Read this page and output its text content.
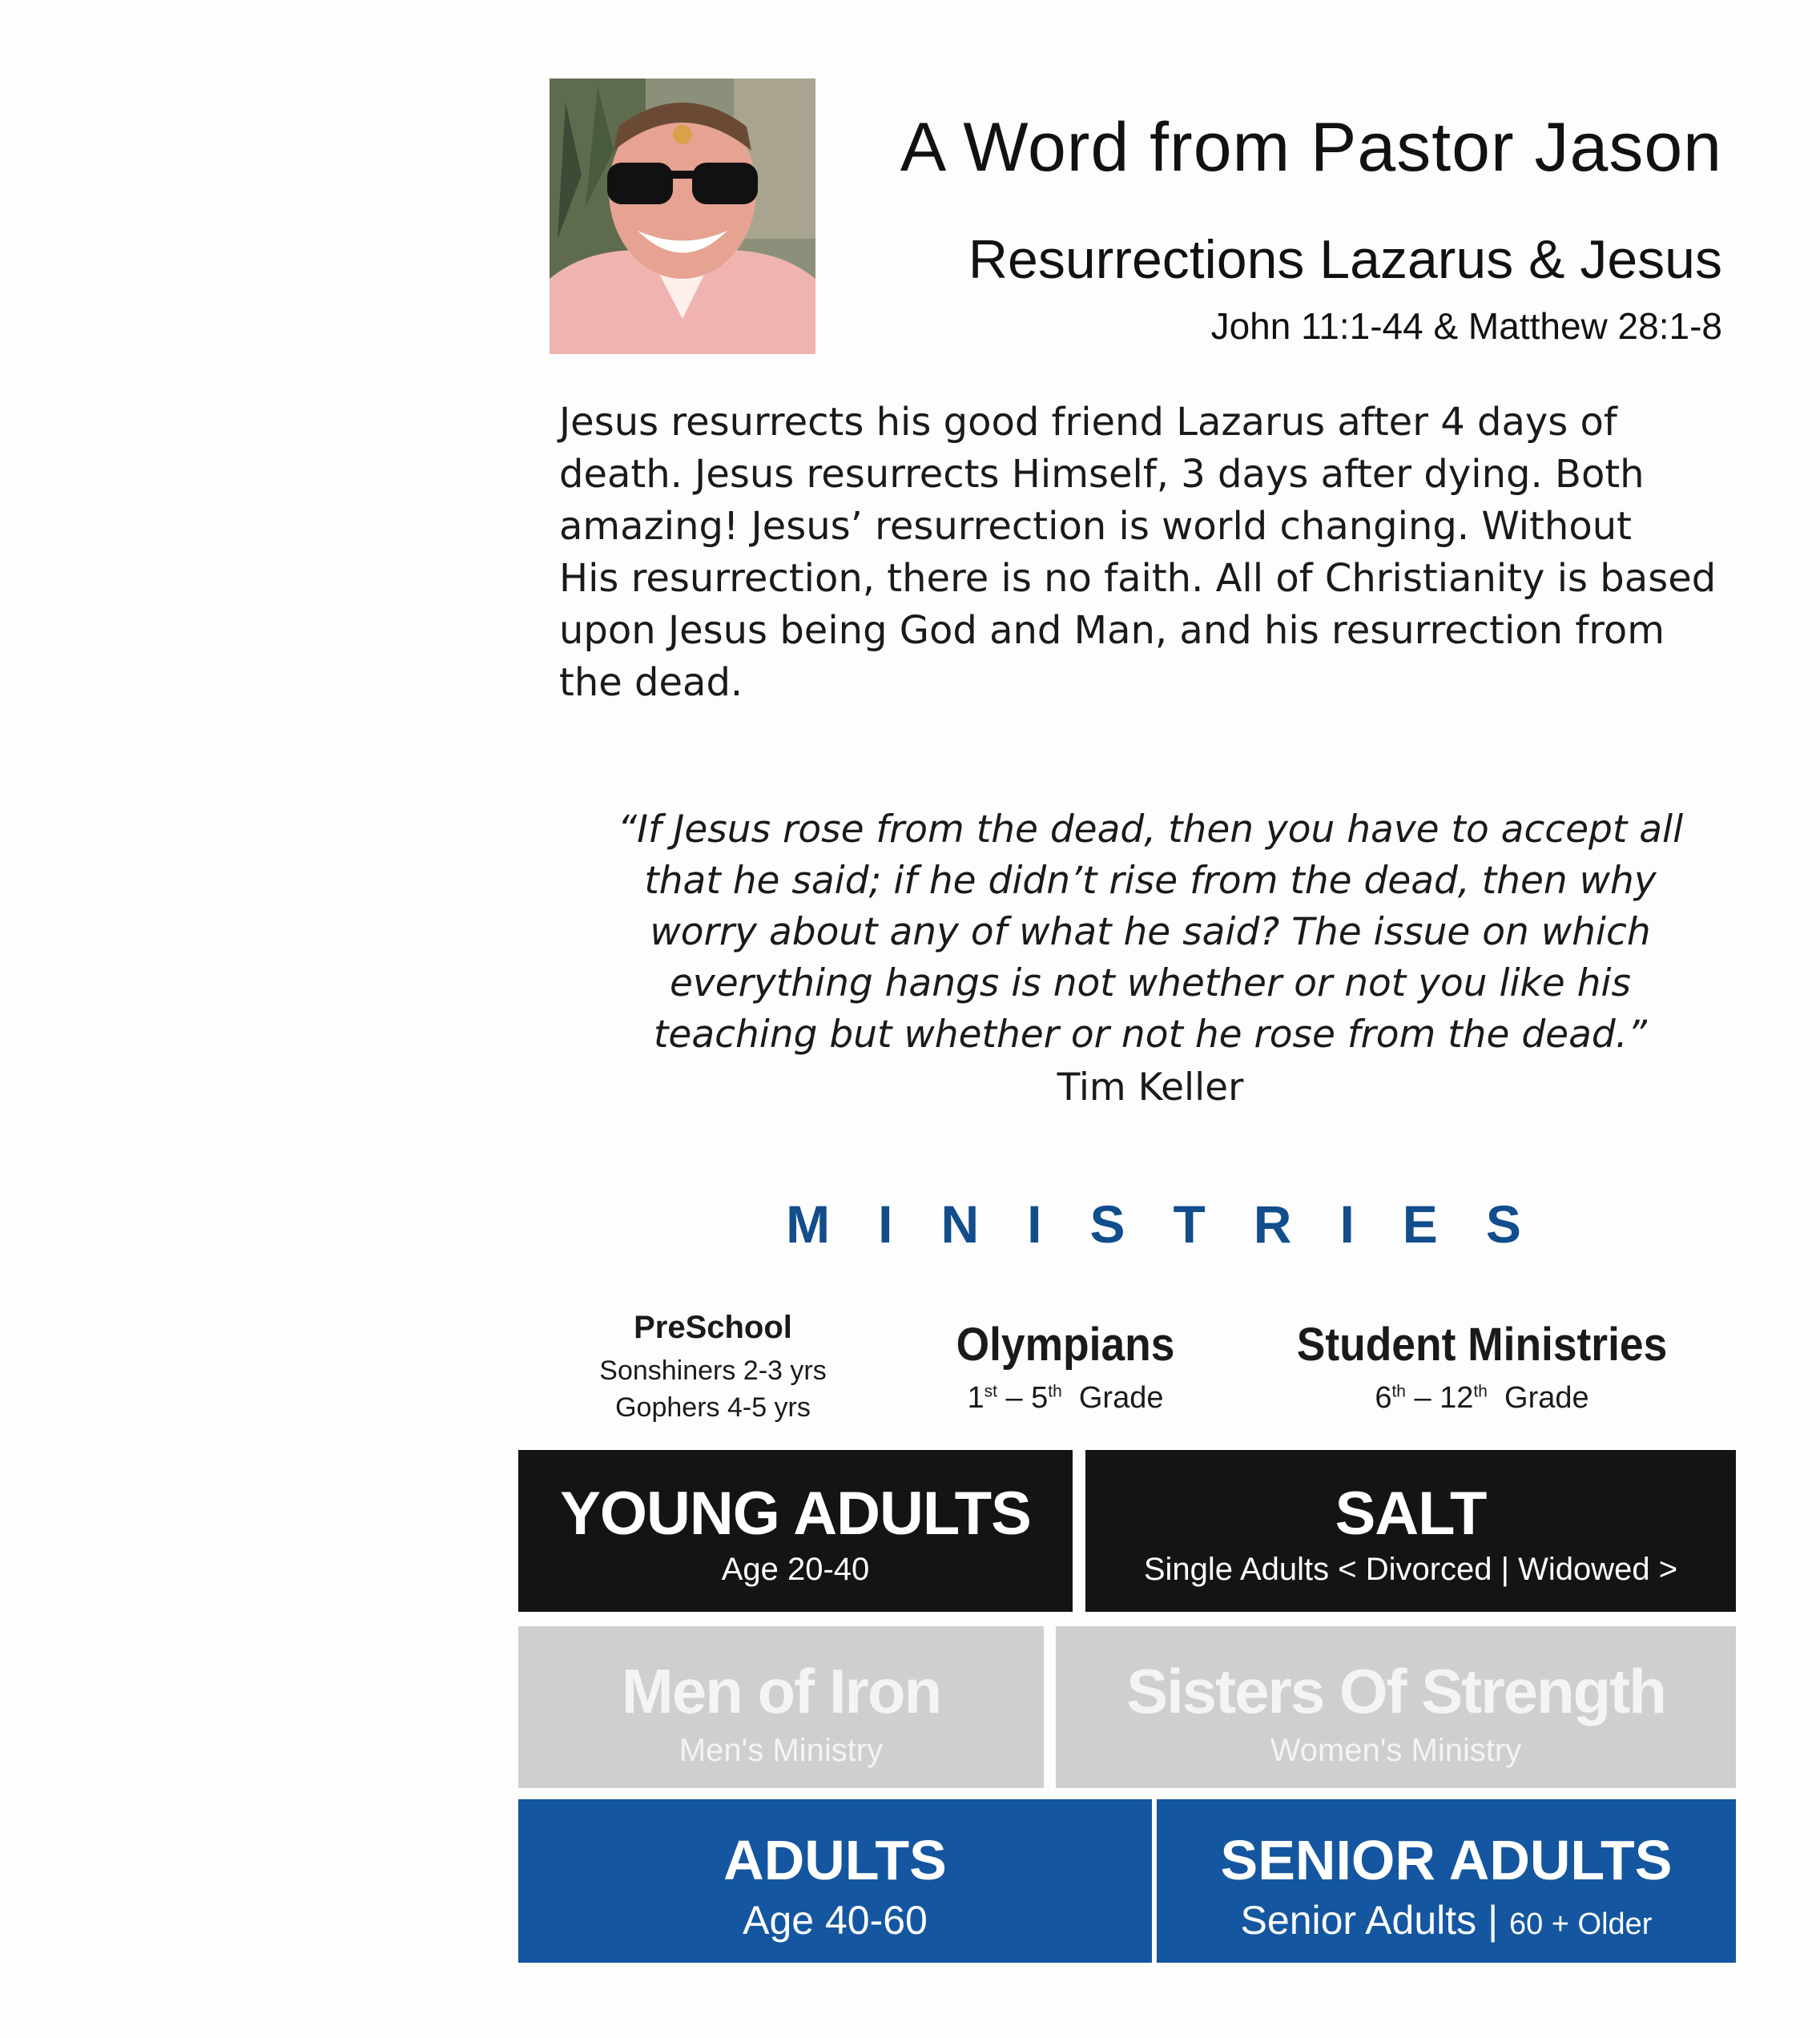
A Word from Pastor Jason
Resurrections Lazarus & Jesus
John 11:1-44 & Matthew 28:1-8
Jesus resurrects his good friend Lazarus after 4 days of
death. Jesus resurrects Himself, 3 days after dying. Both
amazing! Jesus’ resurrection is world changing. Without
His resurrection, there is no faith. All of Christianity is based
upon Jesus being God and Man, and his resurrection from
the dead.
“If Jesus rose from the dead, then you have to accept all
that he said; if he didn’t rise from the dead, then why
worry about any of what he said? The issue on which
everything hangs is not whether or not you like his
teaching but whether or not he rose from the dead.”
Tim Keller
MINISTRIES
PreSchool
Sonshiners 2-3 yrs
Gophers 4-5 yrs
Olympians
1st – 5th Grade
Student Ministries
6th – 12th Grade
YOUNG ADULTS
Age 20-40
SALT
Single Adults < Divorced | Widowed >
Men of Iron
Men's Ministry
Sisters Of Strength
Women's Ministry
ADULTS
Age 40-60
SENIOR ADULTS
Senior Adults | 60 + Older
